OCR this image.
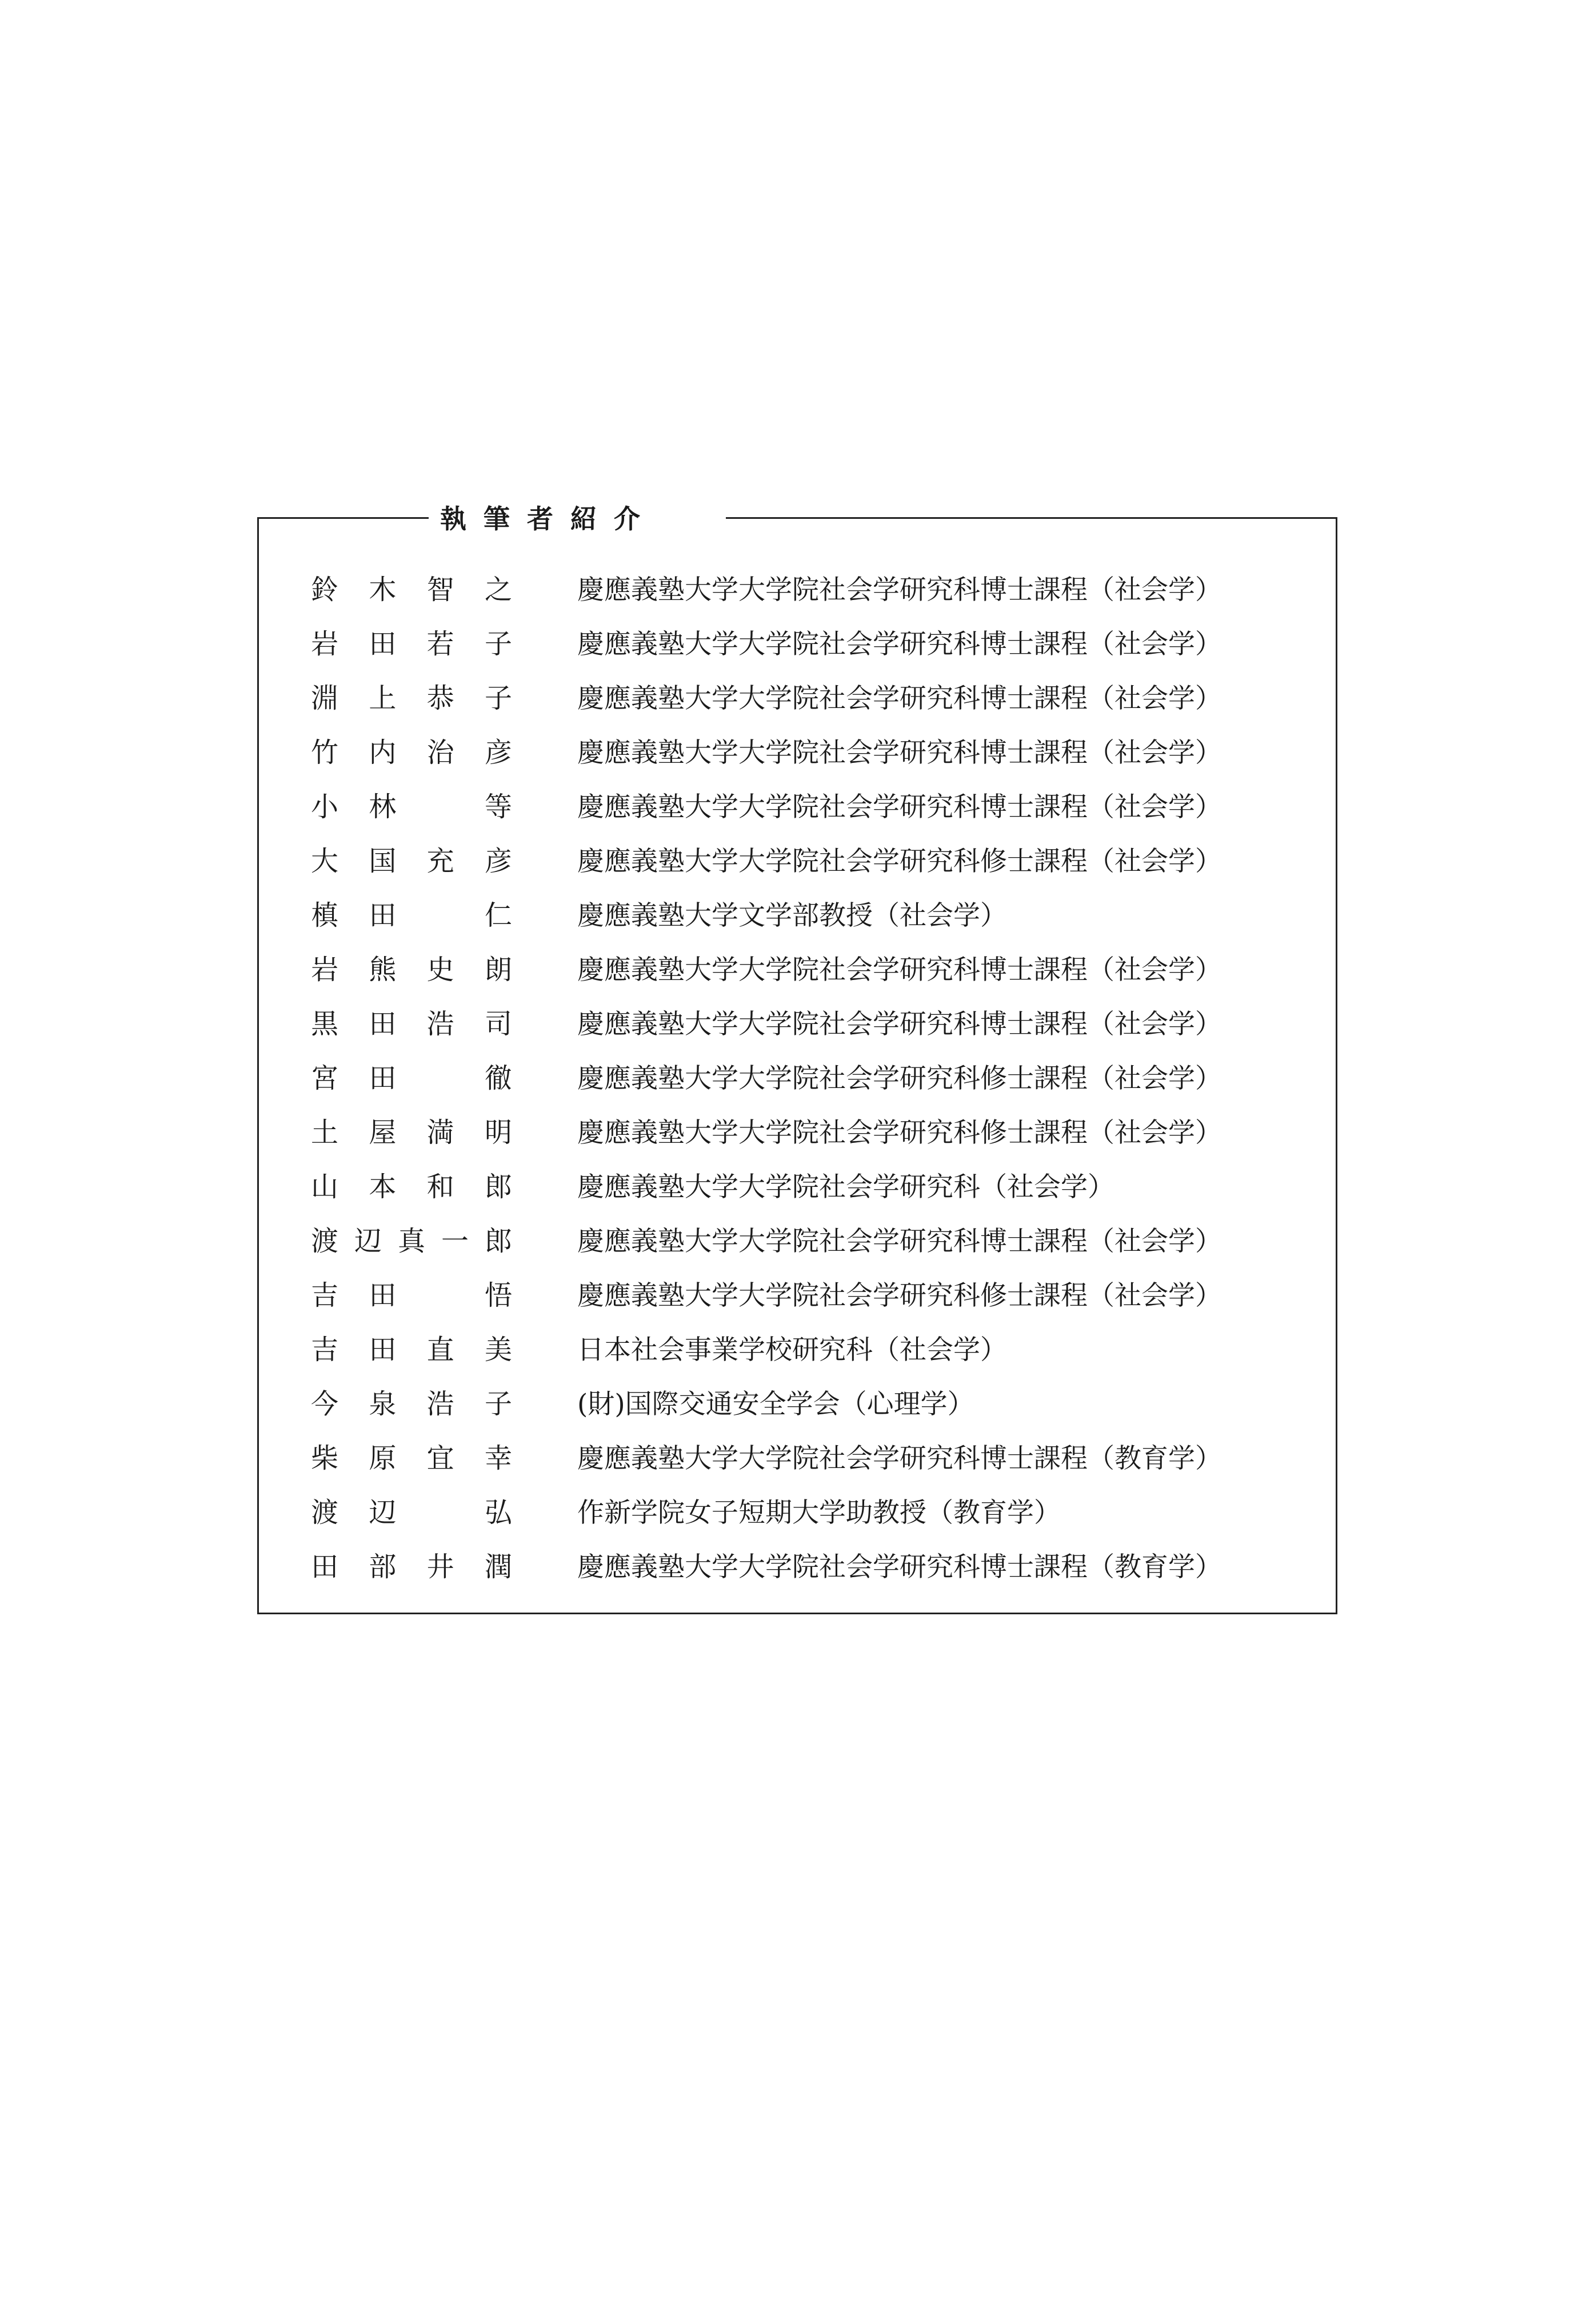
執筆者紹介
鈴 木 智 之 慶應義塾大学大学院社会学研究科博士課程（社会学）
岩 田 若 子 慶應義塾大学大学院社会学研究科博士課程（社会学）
淵 上 恭 子 慶應義塾大学大学院社会学研究科博士課程（社会学）
竹 内 治 彦 慶應義塾大学大学院社会学研究科博士課程（社会学）
小 林	等 慶應義塾大学大学院社会学研究科博士課程（社会学）
大 国 充 彦 慶應義塾大学大学院社会学研究科修士課程（社会学）
槙 田	仁 慶應義塾大学文学部教授（社会学）
岩 熊 史 朗 慶應義塾大学大学院社会学研究科博士課程（社会学）
黒 田 浩 司 慶應義塾大学大学院社会学研究科博士課程（社会学）
宮 田	徹 慶應義塾大学大学院社会学研究科修士課程（社会学）
土 屋 満 明 慶應義塾大学大学院社会学研究科修士課程（社会学）
山 本 和 郎 慶應義塾大学大学院社会学研究科（社会学）
渡 辺 真 一 郎 慶應義塾大学大学院社会学研究科博士課程（社会学）
吉 田	悟 慶應義塾大学大学院社会学研究科修士課程（社会学）
吉 田 直 美 日本社会事業学校研究科（社会学）
今 泉 浩 子 (財)国際交通安全学会（心理学）
柴 原 宜 幸 慶應義塾大学大学院社会学研究科博士課程（教育学）
渡 辺	弘 作新学院女子短期大学助教授（教育学）
田 部 井 潤 慶應義塾大学大学院社会学研究科博士課程（教育学）
